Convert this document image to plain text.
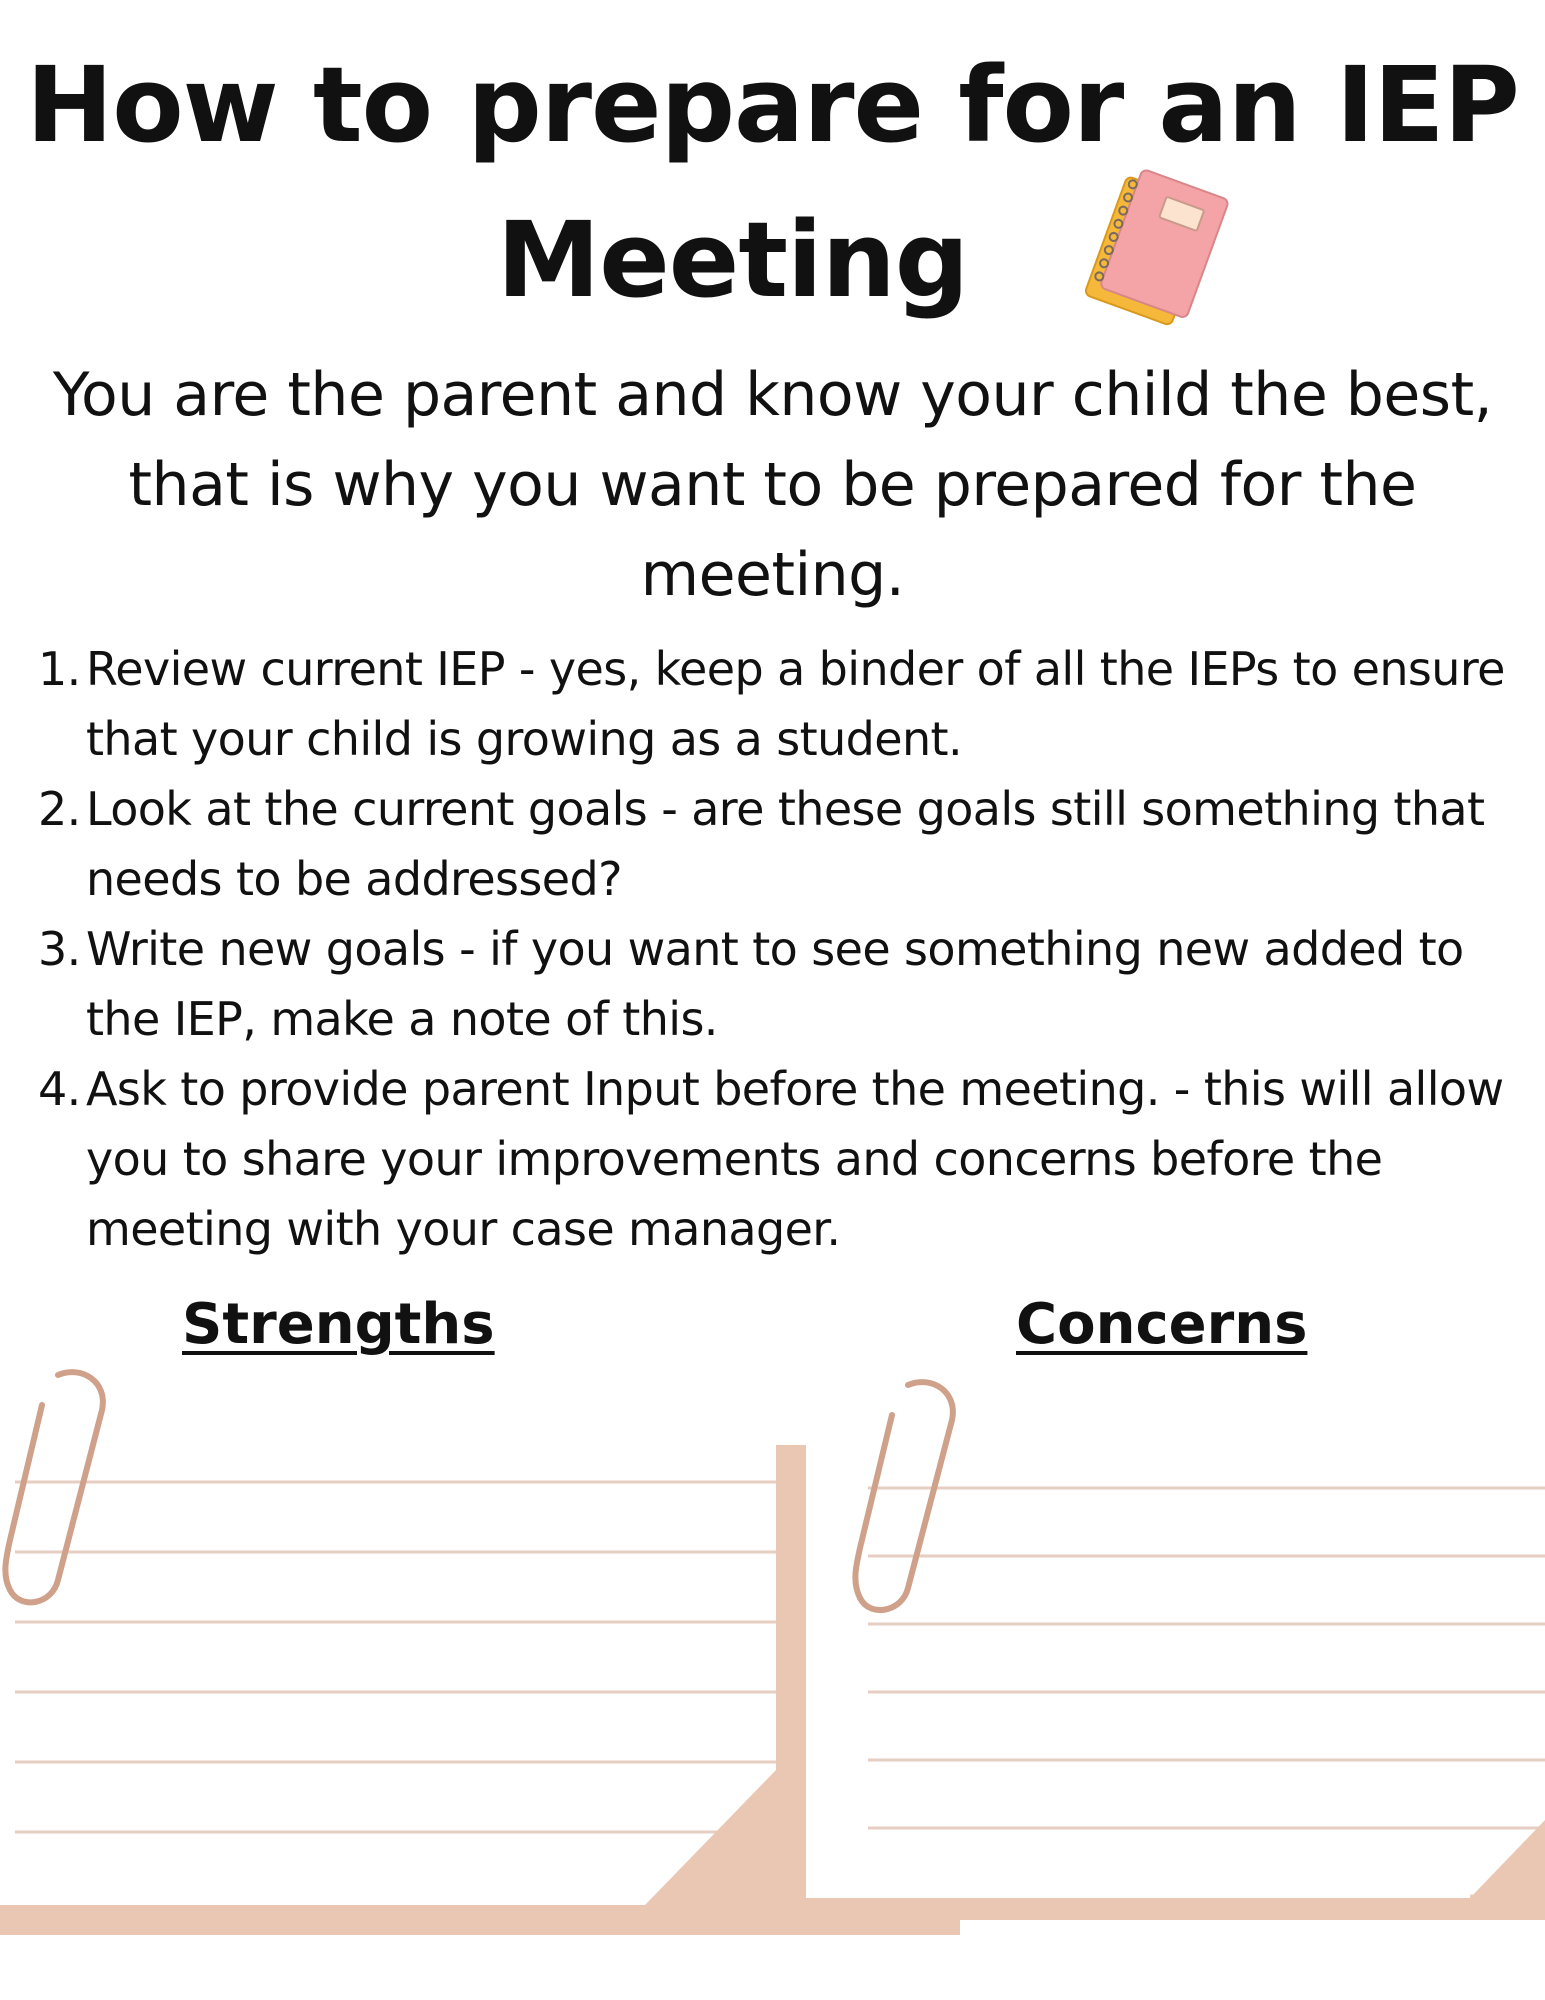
How to prepare for an IEP
Meeting

You are the parent and know your child the best, that is why you want to be prepared for the meeting.

1. Review current IEP - yes, keep a binder of all the IEPs to ensure that your child is growing as a student.
2. Look at the current goals - are these goals still something that needs to be addressed?
3. Write new goals - if you want to see something new added to the IEP, make a note of this.
4. Ask to provide parent Input before the meeting. - this will allow you to share your improvements and concerns before the meeting with your case manager.
Strengths	Concerns
